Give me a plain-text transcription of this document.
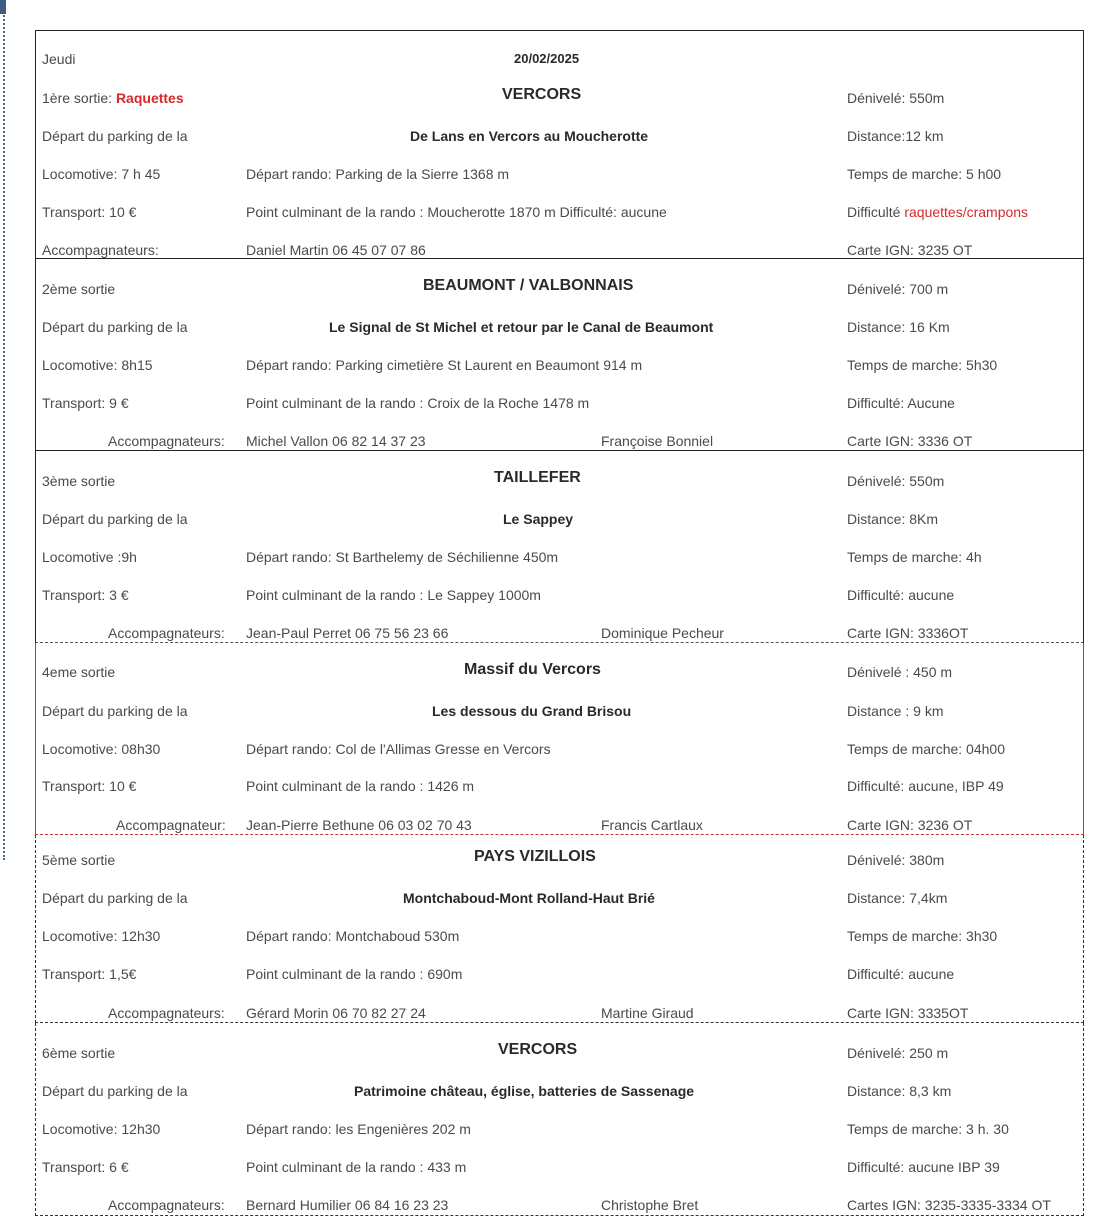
Jeudi	20/02/2025
1ère sortie: Raquettes	VERCORS	Dénivelé: 550m
Départ du parking de la	De Lans en Vercors au Moucherotte	Distance:12 km
Locomotive: 7 h 45	Départ rando: Parking de la Sierre 1368 m	Temps de marche: 5 h00
Transport: 10 €	Point culminant de la rando : Moucherotte 1870 m Difficulté: aucune	Difficulté raquettes/crampons
Accompagnateurs:	Daniel Martin 06 45 07 07 86	Carte IGN: 3235 OT
2ème sortie	BEAUMONT / VALBONNAIS	Dénivelé: 700 m
Départ du parking de la	Le Signal de St Michel et retour par le Canal de Beaumont	Distance: 16 Km
Locomotive: 8h15	Départ rando: Parking cimetière St Laurent en Beaumont 914 m	Temps de marche: 5h30
Transport: 9 €	Point culminant de la rando : Croix de la Roche 1478 m	Difficulté: Aucune
Accompagnateurs: Michel Vallon 06 82 14 37 23	Françoise Bonniel	Carte IGN: 3336 OT
3ème sortie	TAILLEFER	Dénivelé: 550m
Départ du parking de la	Le Sappey	Distance: 8Km
Locomotive :9h	Départ rando: St Barthelemy de Séchilienne 450m	Temps de marche: 4h
Transport: 3 €	Point culminant de la rando : Le Sappey 1000m	Difficulté: aucune
Accompagnateurs: Jean-Paul Perret 06 75 56 23 66	Dominique Pecheur	Carte IGN: 3336OT
4eme sortie	Massif du Vercors	Dénivelé : 450 m
Départ du parking de la	Les dessous du Grand Brisou	Distance : 9 km
Locomotive: 08h30	Départ rando: Col de l'Allimas Gresse en Vercors	Temps de marche: 04h00
Transport: 10 €	Point culminant de la rando : 1426 m	Difficulté: aucune, IBP 49
Accompagnateur: Jean-Pierre Bethune 06 03 02 70 43	Francis Cartlaux	Carte IGN: 3236 OT
5ème sortie	PAYS VIZILLOIS	Dénivelé: 380m
Départ du parking de la	Montchaboud-Mont Rolland-Haut Brié	Distance: 7,4km
Locomotive: 12h30	Départ rando: Montchaboud 530m	Temps de marche: 3h30
Transport: 1,5€	Point culminant de la rando : 690m	Difficulté: aucune
Accompagnateurs: Gérard Morin 06 70 82 27 24	Martine Giraud	Carte IGN: 3335OT
6ème sortie	VERCORS	Dénivelé: 250 m
Départ du parking de la	Patrimoine château, église, batteries de Sassenage	Distance: 8,3 km
Locomotive: 12h30	Départ rando: les Engenières 202 m	Temps de marche: 3 h. 30
Transport: 6 €	Point culminant de la rando : 433 m	Difficulté: aucune IBP 39
Accompagnateurs: Bernard Humilier 06 84 16 23 23	Christophe Bret	Cartes IGN: 3235-3335-3334 OT
